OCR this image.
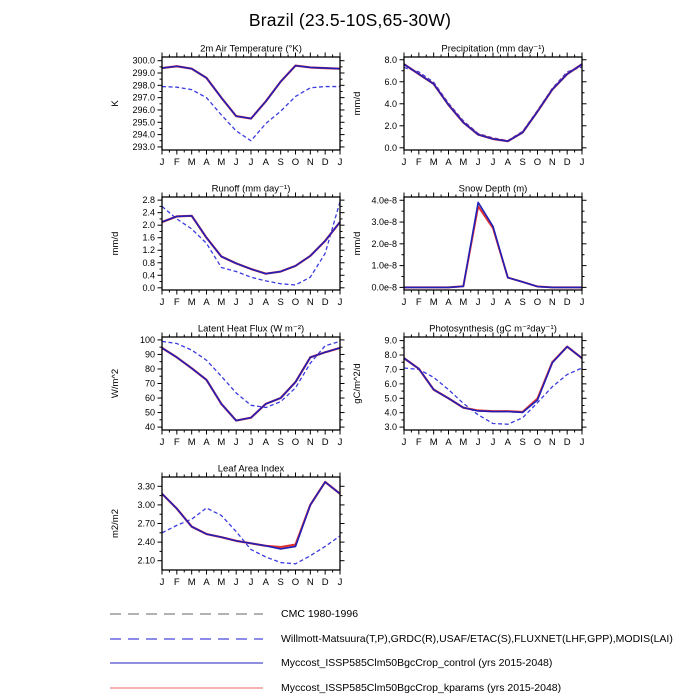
Brazil (23.5-10S,65-30W)
2m Air Temperature (°K)
K
J F M A M J J A S O N D J
293.0
294.0
295.0
296.0
297.0
298.0
299.0
300.0
Precipitation (mm day⁻¹)
mm/d
J F M A M J J A S O N D J
0.0
2.0
4.0
6.0
8.0
Runoff (mm day⁻¹)
mm/d
J F M A M J J A S O N D J
0.0
0.4
0.8
1.2
1.6
2.0
2.4
2.8
Snow Depth (m)
mm/d
J F M A M J J A S O N D J
0.0e-8
1.0e-8
2.0e-8
3.0e-8
4.0e-8
Latent Heat Flux (W m⁻²)
W/m^2
J F M A M J J A S O N D J
40
50
60
70
80
90
100
Photosynthesis (gC m⁻²day⁻¹)
gC/m^2/d
J F M A M J J A S O N D J
3.0
4.0
5.0
6.0
7.0
8.0
9.0
Leaf Area Index
m2/m2
J F M A M J J A S O N D J
2.10
2.40
2.70
3.00
3.30
CMC 1980-1996
Willmott-Matsuura(T,P),GRDC(R),USAF/ETAC(S),FLUXNET(LHF,GPP),MODIS(LAI)
Myccost_ISSP585Clm50BgcCrop_control (yrs 2015-2048)
Myccost_ISSP585Clm50BgcCrop_kparams (yrs 2015-2048)
